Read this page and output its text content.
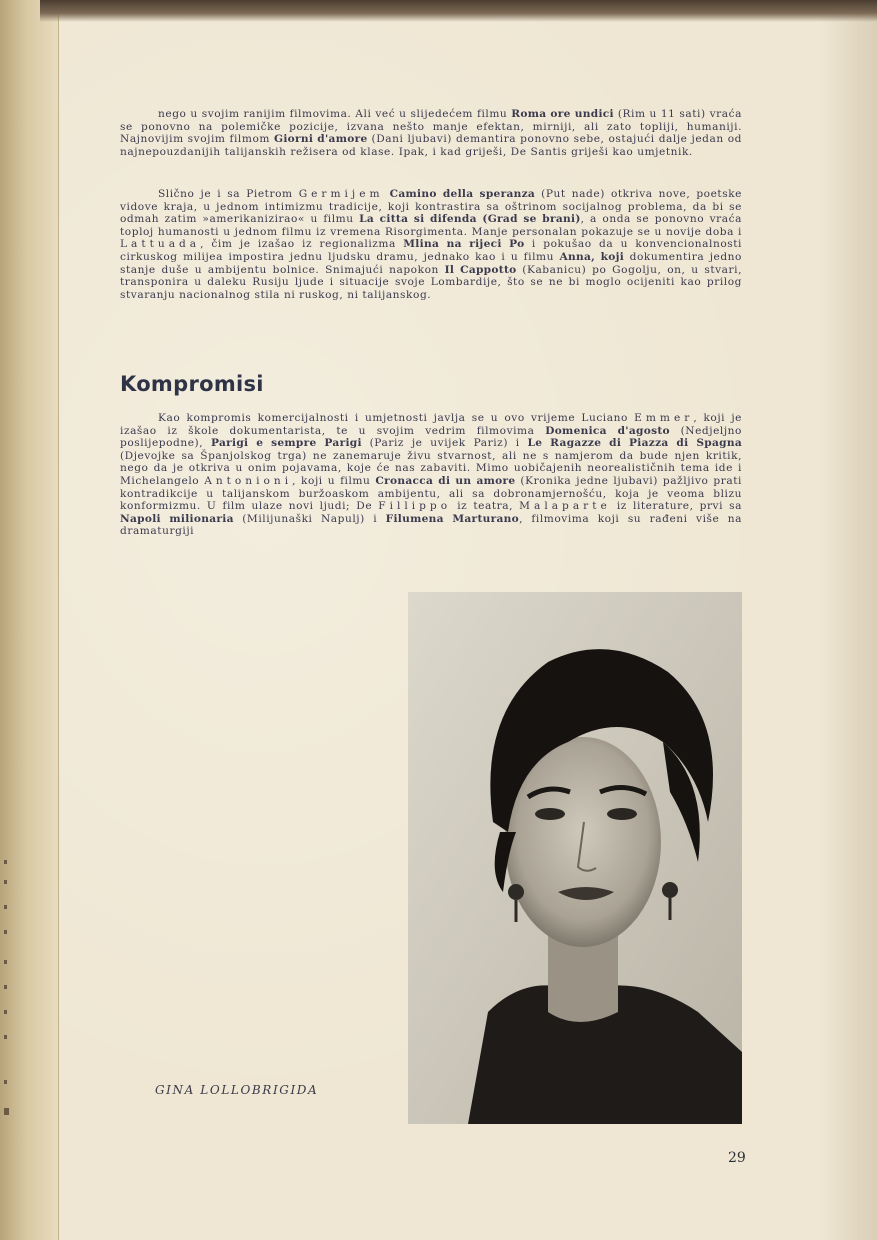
nego u svojim ranijim filmovima. Ali već u slijedećem filmu Roma ore undici (Rim u 11 sati) vraća se ponovno na polemičke pozicije, izvana nešto manje efektan, mirniji, ali zato topliji, humaniji. Najnovijim svojim filmom Giorni d'amore (Dani ljubavi) demantira ponovno sebe, ostajući dalje jedan od najnepouzdanijih talijanskih režisera od klase. Ipak, i kad griješi, De Santis griješi kao umjetnik.

Slično je i sa Pietrom Germijem Camino della speranza (Put nade) otkriva nove, poetske vidove kraja, u jednom intimizmu tradicije, koji kontrastira sa oštrinom socijalnog problema, da bi se odmah zatim »amerikanizirao« u filmu La citta si difenda (Grad se brani), a onda se ponovno vraća toploj humanosti u jednom filmu iz vremena Risorgimenta. Manje personalan pokazuje se u novije doba i Lattuada, čim je izašao iz regionalizma Mlina na rijeci Po i pokušao da u konvencionalnosti cirkuskog milijea impostira jednu ljudsku dramu, jednako kao i u filmu Anna, koji dokumentira jedno stanje duše u ambijentu bolnice. Snimajući napokon Il Cappotto (Kabanicu) po Gogolju, on, u stvari, transponira u daleku Rusiju ljude i situacije svoje Lombardije, što se ne bi moglo ocijeniti kao prilog stvaranju nacionalnog stila ni ruskog, ni talijanskog.

Kompromisi

Kao kompromis komercijalnosti i umjetnosti javlja se u ovo vrijeme Luciano Emmer, koji je izašao iz škole dokumentarista, te u svojim vedrim filmovima Domenica d'agosto (Nedjeljno poslijepodne), Parigi e sempre Parigi (Pariz je uvijek Pariz) i Le Ragazze di Piazza di Spagna (Djevojke sa Španjolskog trga) ne zanemaruje živu stvarnost, ali ne s namjerom da bude njen kritik, nego da je otkriva u onim pojavama, koje će nas zabaviti. Mimo uobičajenih neorealističnih tema ide i Michelangelo Antonioni, koji u filmu Cronacca di un amore (Kronika jedne ljubavi) pažljivo prati kontradikcije u talijanskom buržoaskom ambijentu, ali sa dobronamjernošću, koja je veoma blizu konformizmu. U film ulaze novi ljudi; De Fillippo iz teatra, Malaparte iz literature, prvi sa Napoli milionaria (Milijunaški Napulj) i Filumena Marturano, filmovima koji su rađeni više na dramaturgiji

GINA LOLLOBRIGIDA
29
